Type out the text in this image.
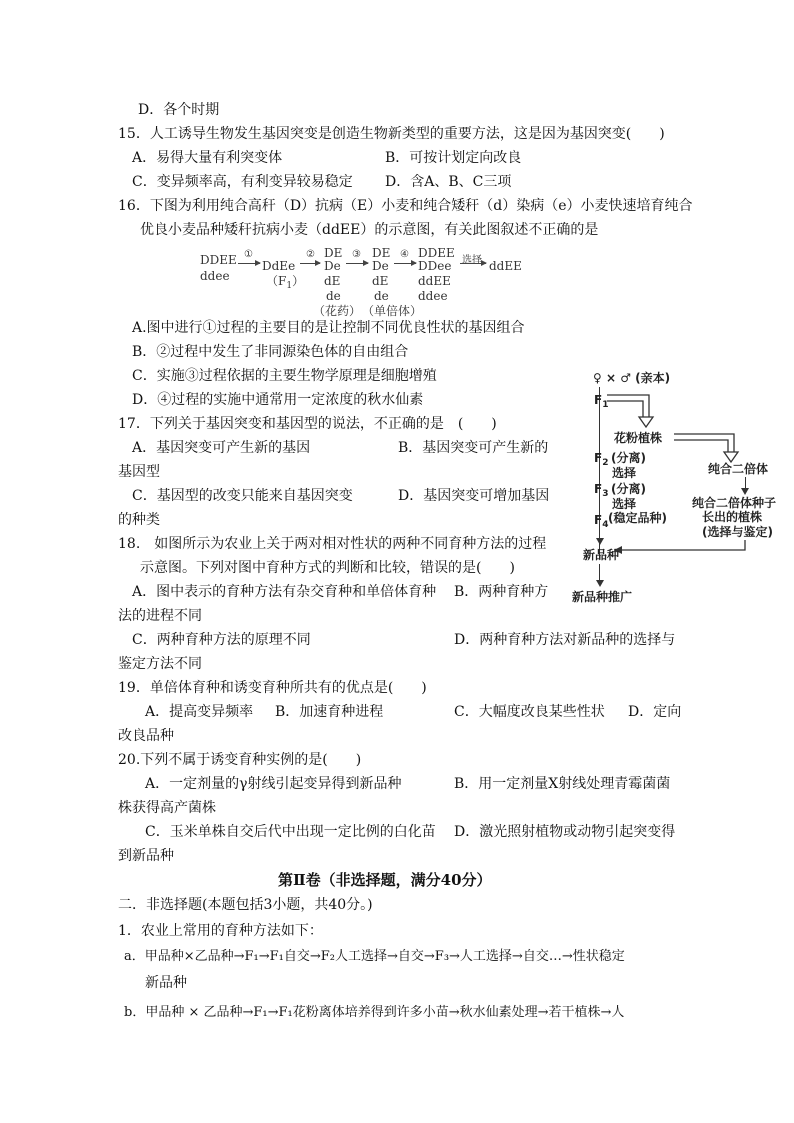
D．各个时期
15．人工诱导生物发生基因突变是创造生物新类型的重要方法，这是因为基因突变(　　)
A．易得大量有利突变体	B．可按计划定向改良
C．变异频率高，有利变异较易稳定 D．含A、B、C三项
16．下图为利用纯合高秆（D）抗病（E）小麦和纯合矮秆（d）染病（e）小麦快速培育纯合
优良小麦品种矮秆抗病小麦（ddEE）的示意图，有关此图叙述不正确的是
DDEE
ddee
①
DdEe
$(F_1)$
② DE
De
dE
de
③ DE
De
dE
de
④ DDEE
DDee
ddEE
ddee
选择 ddEE
（花药） （单倍体）
A.图中进行①过程的主要目的是让控制不同优良性状的基因组合
B．②过程中发生了非同源染色体的自由组合
C．实施③过程依据的主要生物学原理是细胞增殖
D．④过程的实施中通常用一定浓度的秋水仙素
17．下列关于基因突变和基因型的说法，不正确的是　(　　)
A．基因突变可产生新的基因	B．基因突变可产生新的
基因型
C．基因型的改变只能来自基因突变	D．基因突变可增加基因
的种类
18.　如图所示为农业上关于两对相对性状的两种不同育种方法的过程
示意图。下列对图中育种方式的判断和比较，错误的是(　　)
A．图中表示的育种方法有杂交育种和单倍体育种 B．两种育种方
法的进程不同
C．两种育种方法的原理不同	D．两种育种方法对新品种的选择与
鉴定方法不同
19．单倍体育种和诱变育种所共有的优点是(　　)
A．提高变异频率 B．加速育种进程	C．大幅度改良某些性状 D．定向
改良品种
20.下列不属于诱变育种实例的是(　　)
A．一定剂量的γ射线引起变异得到新品种	B．用一定剂量X射线处理青霉菌菌
株获得高产菌株
C．玉米单株自交后代中出现一定比例的白化苗 D．激光照射植物或动物引起突变得
到新品种
第Ⅱ卷（非选择题，满分40分）
二．非选择题(本题包括3小题，共40分。)
1．农业上常用的育种方法如下：
a．甲品种×乙品种→F₁→F₁自交→F₂人工选择→自交→F₃→人工选择→自交…→性状稳定
新品种
b．甲品种 × 乙品种→F₁→F₁花粉离体培养得到许多小苗→秋水仙素处理→若干植株→人
♀ × ♂ (亲本)
$F_1$
花粉植株
$F_2$ (分离)
选择
$F_3$ (分离)
选择
$F_4$ (稳定品种)
纯合二倍体
纯合二倍体种子
长出的植株
(选择与鉴定)
新品种
新品种推广
